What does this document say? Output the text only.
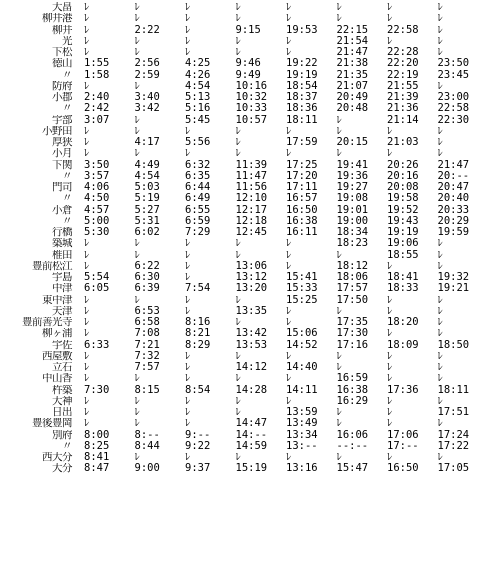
大畠	ﾚ	ﾚ	ﾚ	ﾚ	ﾚ	ﾚ	ﾚ	ﾚ
柳井港	ﾚ	ﾚ	ﾚ	ﾚ	ﾚ	ﾚ	ﾚ	ﾚ
柳井	ﾚ	2:22	ﾚ	9:15	19:53	22:15	22:58	ﾚ
光	ﾚ	ﾚ	ﾚ	ﾚ	ﾚ	21:54	ﾚ	ﾚ
下松	ﾚ	ﾚ	ﾚ	ﾚ	ﾚ	21:47	22:28	ﾚ
徳山	1:55	2:56	4:25	9:46	19:22	21:38	22:20	23:50
〃	1:58	2:59	4:26	9:49	19:19	21:35	22:19	23:45
防府	ﾚ	ﾚ	4:54	10:16	18:54	21:07	21:55	ﾚ
小郡	2:40	3:40	5:13	10:32	18:37	20:49	21:39	23:00
〃	2:42	3:42	5:16	10:33	18:36	20:48	21:36	22:58
宇部	3:07	ﾚ	5:45	10:57	18:11	ﾚ	21:14	22:30
小野田	ﾚ	ﾚ	ﾚ	ﾚ	ﾚ	ﾚ	ﾚ	ﾚ
厚狭	ﾚ	4:17	5:56	ﾚ	17:59	20:15	21:03	ﾚ
小月	ﾚ	ﾚ	ﾚ	ﾚ	ﾚ	ﾚ	ﾚ	ﾚ
下関	3:50	4:49	6:32	11:39	17:25	19:41	20:26	21:47
〃	3:57	4:54	6:35	11:47	17:20	19:36	20:16	20:--
門司	4:06	5:03	6:44	11:56	17:11	19:27	20:08	20:47
〃	4:50	5:19	6:49	12:10	16:57	19:08	19:58	20:40
小倉	4:57	5:27	6:55	12:17	16:50	19:01	19:52	20:33
〃	5:00	5:31	6:59	12:18	16:38	19:00	19:43	20:29
行橋	5:30	6:02	7:29	12:45	16:11	18:34	19:19	19:59
築城	ﾚ	ﾚ	ﾚ	ﾚ	ﾚ	18:23	19:06	ﾚ
椎田	ﾚ	ﾚ	ﾚ	ﾚ	ﾚ	ﾚ	18:55	ﾚ
豊前松江	ﾚ	6:22	ﾚ	13:06	ﾚ	18:12	ﾚ	ﾚ
宇島	5:54	6:30	ﾚ	13:12	15:41	18:06	18:41	19:32
中津	6:05	6:39	7:54	13:20	15:33	17:57	18:33	19:21
東中津	ﾚ	ﾚ	ﾚ	ﾚ	15:25	17:50	ﾚ	ﾚ
天津	ﾚ	6:53	ﾚ	13:35	ﾚ	ﾚ	ﾚ	ﾚ
豊前善光寺	ﾚ	6:58	8:16	ﾚ	ﾚ	17:35	18:20	ﾚ
柳ヶ浦	ﾚ	7:08	8:21	13:42	15:06	17:30	ﾚ	ﾚ
宇佐	6:33	7:21	8:29	13:53	14:52	17:16	18:09	18:50
西屋敷	ﾚ	7:32	ﾚ	ﾚ	ﾚ	ﾚ	ﾚ	ﾚ
立石	ﾚ	7:57	ﾚ	14:12	14:40	ﾚ	ﾚ	ﾚ
中山香	ﾚ	ﾚ	ﾚ	ﾚ	ﾚ	16:59	ﾚ	ﾚ
杵築	7:30	8:15	8:54	14:28	14:11	16:38	17:36	18:11
大神	ﾚ	ﾚ	ﾚ	ﾚ	ﾚ	16:29	ﾚ	ﾚ
日出	ﾚ	ﾚ	ﾚ	ﾚ	13:59	ﾚ	ﾚ	17:51
豊後豊岡	ﾚ	ﾚ	ﾚ	14:47	13:49	ﾚ	ﾚ	ﾚ
別府	8:00	8:--	9:--	14:--	13:34	16:06	17:06	17:24
〃	8:25	8:44	9:22	14:59	13:--	--:--	17:--	17:22
西大分	8:41	ﾚ	ﾚ	ﾚ	ﾚ	ﾚ	ﾚ	ﾚ
大分	8:47	9:00	9:37	15:19	13:16	15:47	16:50	17:05
